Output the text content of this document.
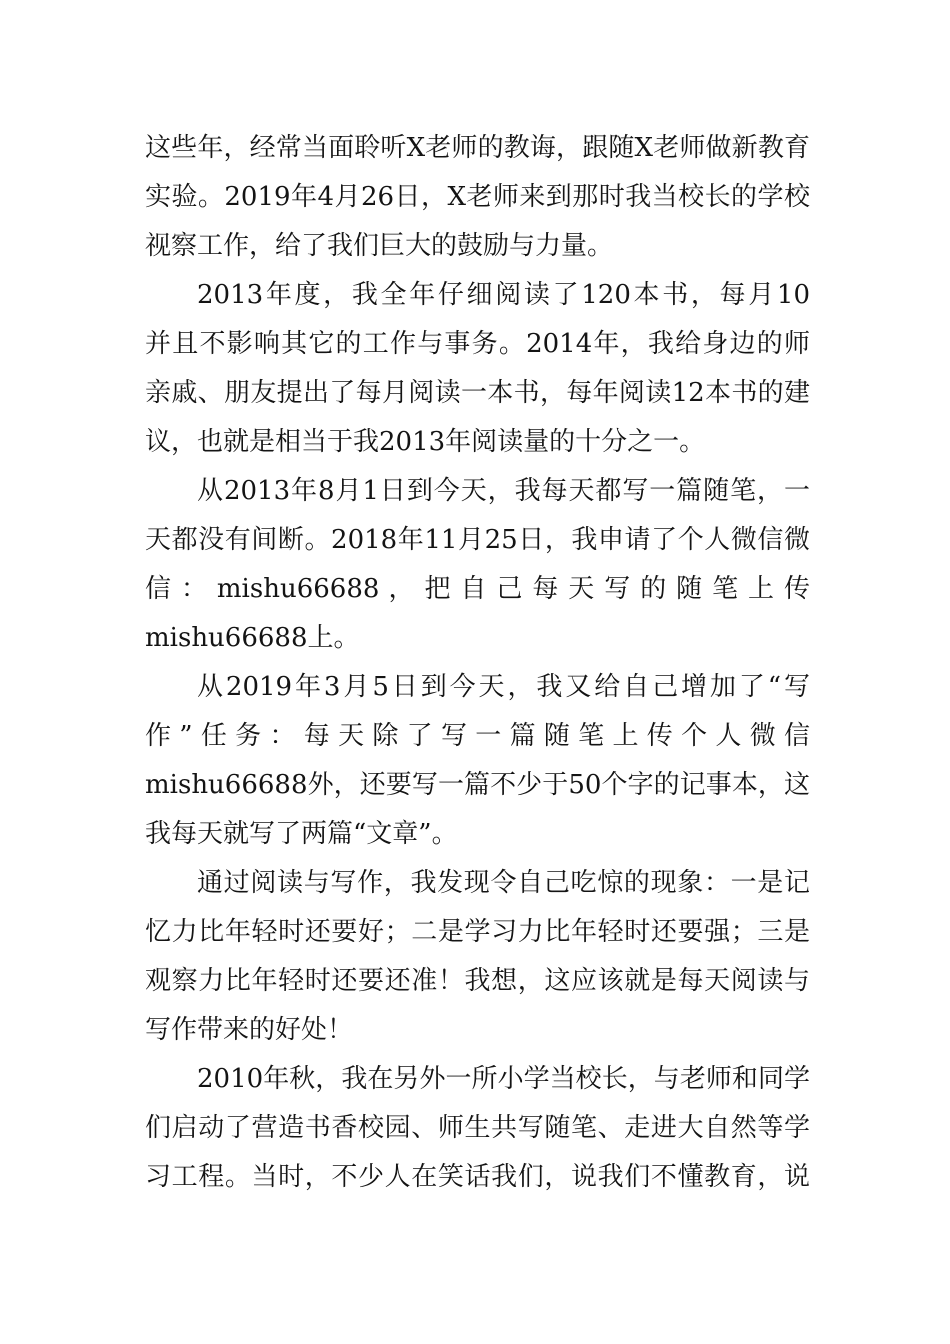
这些年，经常当面聆听X老师的教诲，跟随X老师做新教育
实验。2019年4月26日，X老师来到那时我当校长的学校
视察工作，给了我们巨大的鼓励与力量。
2013年度，我全年仔细阅读了120本书，每月10
并且不影响其它的工作与事务。2014年，我给身边的师
亲戚、朋友提出了每月阅读一本书，每年阅读12本书的建
议，也就是相当于我2013年阅读量的十分之一。
从2013年8月1日到今天，我每天都写一篇随笔，一
天都没有间断。2018年11月25日，我申请了个人微信微
信 ： mishu66688 ， 把 自 己 每 天 写 的 随 笔 上 传
mishu66688上。
从2019年3月5日到今天，我又给自己增加了“写
作 ” 任 务 ： 每 天 除 了 写 一 篇 随 笔 上 传 个 人 微 信
mishu66688外，还要写一篇不少于50个字的记事本，这
我每天就写了两篇“文章”。
通过阅读与写作，我发现令自己吃惊的现象：一是记
忆力比年轻时还要好；二是学习力比年轻时还要强；三是
观察力比年轻时还要还准！我想，这应该就是每天阅读与
写作带来的好处！
2010年秋，我在另外一所小学当校长，与老师和同学
们启动了营造书香校园、师生共写随笔、走进大自然等学
习工程。当时，不少人在笑话我们，说我们不懂教育，说
